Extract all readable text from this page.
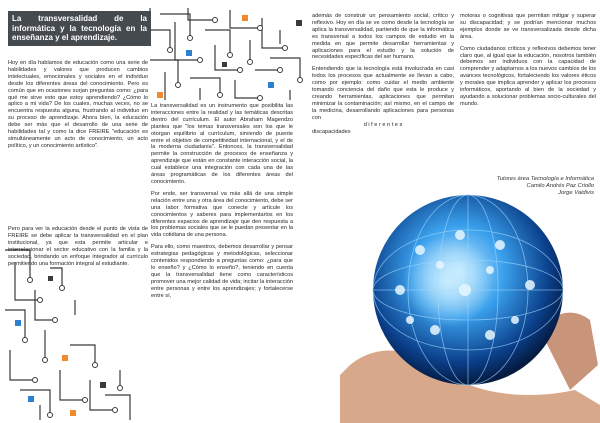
La transversalidad de la informática y la tecnología en la enseñanza y el aprendizaje.

Hoy en día hablamos de educación como una serie de habilidades y valores que producen cambios intelectuales, emocionales y sociales en el individuo desde los diferentes áreas del conocimiento. Pero es común que en ocasiones surjan preguntas como: ¿para qué me sirve esto que estoy aprendiendo? ¿Cómo lo aplico a mi vida? De los cuales, muchas veces, no se encuentra respuesta alguna, frustrando al individuo en su proceso de aprendizaje. Ahora bien, la educación debe ser más que el desarrollo de una serie de habilidades tal y como la dice FREIRE "educación es simultáneamente un acto de conocimiento, un acto político, y un conocimiento artístico".

Pero para ver la educación desde el punto de vista de FREIRE se debe aplicar la transversalidad en el plan institucional, ya que esta permite articular e interrelacionar el sector educativo con la familia y la sociedad, brindando un enfoque integrador al currículo permitiendo una formación integral al estudiante.

La transversalidad es un instrumento que posibilita las interacciones entre la realidad y las temáticas descritas dentro del currículum. El autor Abraham Magendzo plantea que "los temas transversales son los que le otorgan equilibrio al currículum, sirviendo de puente entre el objetivo de competitividad internacional, y el de la moderna ciudadanía". Entonces, la transversalidad permite la construcción de procesos de enseñanza y aprendizaje que están en constante interacción social, la cual establece una integración con cada una de las áreas programáticas de los diferentes áreas del conocimiento.

Por ende, ser transversal va más allá de una simple relación entre una y otra área del conocimiento, debe ser una labor formativa que conecte y articule los conocimientos y saberes para implementarlos en los diferentes espacios de aprendizaje que den respuesta a los problemas sociales que se le puedan presentar en la vida cotidiana de una persona.

Para ello, como maestros, debemos desarrollar y pensar estrategias pedagógicas y metodológicas, seleccionar contenidos respondiendo a preguntas como: ¿para que lo enseño? y ¿Cómo lo enseño?, teniendo en cuenta que la transversalidad tiene como característicos promover una mejor calidad de vida; incitar la interacción entre personas y entre los aprendizajes; y fortalecerse entre sí,

además de construir un pensamiento social, crítico y reflexivo. Hoy en día se ve como desde la tecnología se aplica la transversalidad, partiendo de que la informática es transversal a todos los campos de estudio en la medida en que permite desarrollar herramientas y aplicaciones para el estudio y la solución de necesidades específicas del ser humano.

Entendiendo que la tecnología está involucrada en casi todos los procesos que actualmente se llevan a cabo, como por ejemplo: como cuidar el medio ambiente tomando conciencia del daño que esta le produce y creando herramientas, aplicaciones que permitan minimizar la contaminación; así mismo, en el campo de la medicina, desarrollando aplicaciones para personas con

d i f e r e n t e s
discapacidades

motoras o cognitivas que permitan mitigar y superar su discapacidad; y se podrían mencionar muchos ejemplos donde se ve transversalizada desde dicha área.

Como ciudadanos críticos y reflexivos debemos tener claro que, al igual que la educación, nosotros también debemos ser individuos con la capacidad de comprender y adaptarnos a los nuevos cambios de los avances tecnológicos, fortaleciendo los valores éticos y morales que implica aprender y aplicar los procesos informáticos, aportando al bien de la sociedad y ayudando a solucionar problemas socio-culturales del mundo.

Tutores área Tecnología e Informática
Camilo Andrés Paz Criollo
Jorge Valdivis
